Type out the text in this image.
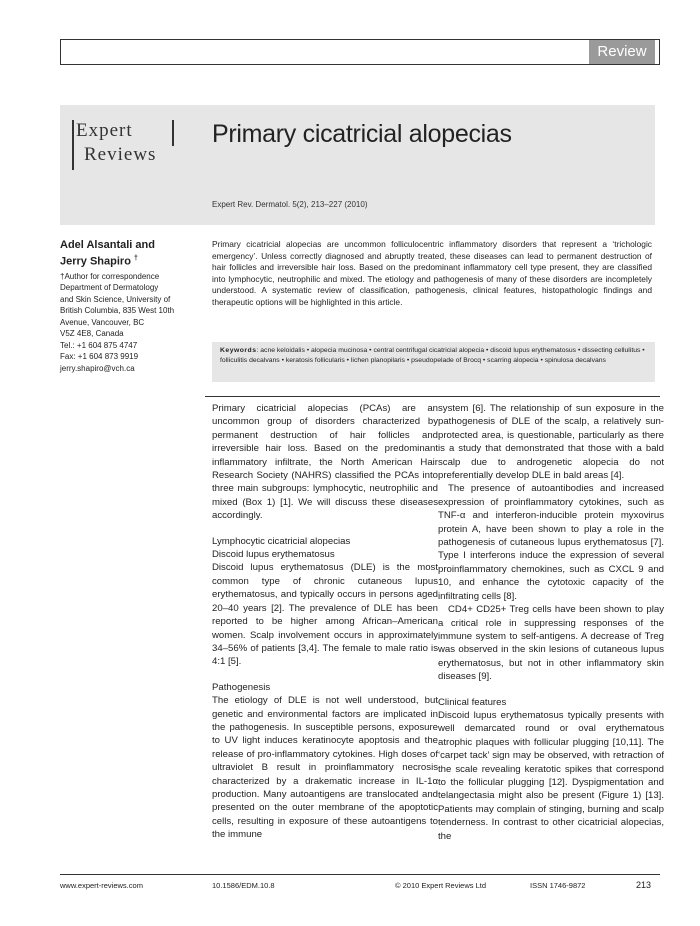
Review
Expert
Reviews
Primary cicatricial alopecias
Expert Rev. Dermatol. 5(2), 213–227 (2010)

Adel Alsantali and
Jerry Shapiro †

†Author for correspondence
Department of Dermatology
and Skin Science, University of
British Columbia, 835 West 10th
Avenue, Vancouver, BC
V5Z 4E8, Canada
Tel.: +1 604 875 4747
Fax: +1 604 873 9919
jerry.shapiro@vch.ca

Primary cicatricial alopecias are uncommon folliculocentric inflammatory disorders that represent a ‘trichologic emergency’. Unless correctly diagnosed and abruptly treated, these diseases can lead to permanent destruction of hair follicles and irreversible hair loss. Based on the predominant inflammatory cell type present, they are classified into lymphocytic, neutrophilic and mixed. The etiology and pathogenesis of many of these disorders are incompletely understood. A systematic review of classification, pathogenesis, clinical features, histopathologic findings and therapeutic options will be highlighted in this article.

Keywords: acne keloidalis • alopecia mucinosa • central centrifugal cicatricial alopecia • discoid lupus erythematosus • dissecting cellulitus • folliculitis decalvans • keratosis follicularis • lichen planopilaris • pseudopelade of Brocq • scarring alopecia • spinulosa decalvans

Primary cicatricial alopecias (PCAs) are an uncommon group of disorders characterized by permanent destruction of hair follicles and irreversible hair loss. Based on the predominant inflammatory infiltrate, the North American Hair Research Society (NAHRS) classified the PCAs into three main subgroups: lymphocytic, neutrophilic and mixed (Box 1) [1]. We will discuss these diseases accordingly.

Lymphocytic cicatricial alopecias

Discoid lupus erythematosus

Discoid lupus erythematosus (DLE) is the most common type of chronic cutaneous lupus erythematosus, and typically occurs in persons aged 20–40 years [2]. The prevalence of DLE has been reported to be higher among African–American women. Scalp involvement occurs in approximately 34–56% of patients [3,4]. The female to male ratio is 4:1 [5].

Pathogenesis

The etiology of DLE is not well understood, but genetic and environmental factors are implicated in the pathogenesis. In susceptible persons, exposure to UV light induces keratinocyte apoptosis and the release of pro-inflammatory cytokines. High doses of ultraviolet B result in proinflammatory necrosis characterized by a drakematic increase in IL-1α production. Many autoantigens are translocated and presented on the outer membrane of the apoptotic cells, resulting in exposure of these autoantigens to the immune

system [6]. The relationship of sun exposure in the pathogenesis of DLE of the scalp, a relatively sun-protected area, is questionable, particularly as there is a study that demonstrated that those with a bald scalp due to androgenetic alopecia do not preferentially develop DLE in bald areas [4].

The presence of autoantibodies and increased expression of proinflammatory cytokines, such as TNF-α and interferon-inducible protein myxovirus protein A, have been shown to play a role in the pathogenesis of cutaneous lupus erythematosus [7]. Type I interferons induce the expression of several proinflammatory chemokines, such as CXCL 9 and 10, and enhance the cytotoxic capacity of the infiltrating cells [8].

CD4+ CD25+ Treg cells have been shown to play a critical role in suppressing responses of the immune system to self-antigens. A decrease of Treg was observed in the skin lesions of cutaneous lupus erythematosus, but not in other inflammatory skin diseases [9].

Clinical features

Discoid lupus erythematosus typically presents with well demarcated round or oval erythematous atrophic plaques with follicular plugging [10,11]. The ‘carpet tack’ sign may be observed, with retraction of the scale revealing keratotic spikes that correspond to the follicular plugging [12]. Dyspigmentation and telangectasia might also be present (Figure 1) [13]. Patients may complain of stinging, burning and scalp tenderness. In contrast to other cicatricial alopecias, the

www.expert-reviews.com	10.1586/EDM.10.8	© 2010 Expert Reviews Ltd	ISSN 1746-9872	213
